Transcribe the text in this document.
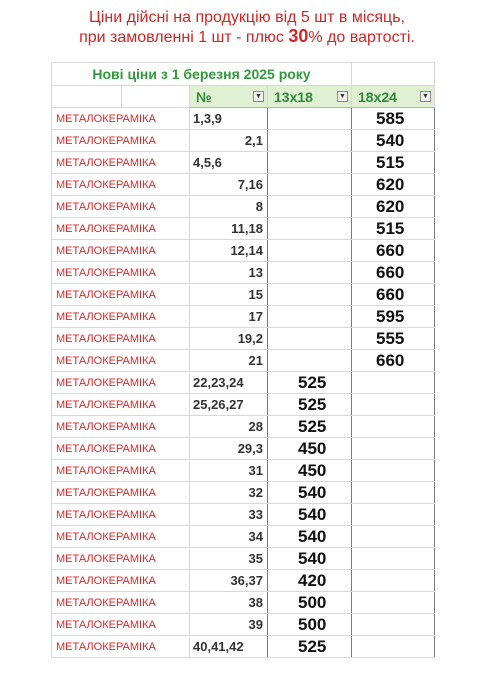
Ціни дійсні на продукцію від 5 шт в місяць,
при замовленні 1 шт - плюс 30% до вартості.
Нові ціни з 1 березня 2025 року				
		№ ▼	13x18 ▼	18x24 ▼

МЕТАЛОКЕРАМІКА		1,3,9		585
МЕТАЛОКЕРАМІКА		2,1		540
МЕТАЛОКЕРАМІКА		4,5,6		515
МЕТАЛОКЕРАМІКА		7,16		620
МЕТАЛОКЕРАМІКА		8		620
МЕТАЛОКЕРАМІКА		11,18		515
МЕТАЛОКЕРАМІКА		12,14		660
МЕТАЛОКЕРАМІКА		13		660
МЕТАЛОКЕРАМІКА		15		660
МЕТАЛОКЕРАМІКА		17		595
МЕТАЛОКЕРАМІКА		19,2		555
МЕТАЛОКЕРАМІКА		21		660
МЕТАЛОКЕРАМІКА		22,23,24	525	
МЕТАЛОКЕРАМІКА		25,26,27	525	
МЕТАЛОКЕРАМІКА		28	525	
МЕТАЛОКЕРАМІКА		29,3	450	
МЕТАЛОКЕРАМІКА		31	450	
МЕТАЛОКЕРАМІКА		32	540	
МЕТАЛОКЕРАМІКА		33	540	
МЕТАЛОКЕРАМІКА		34	540	
МЕТАЛОКЕРАМІКА		35	540	
МЕТАЛОКЕРАМІКА		36,37	420	
МЕТАЛОКЕРАМІКА		38	500	
МЕТАЛОКЕРАМІКА		39	500	
МЕТАЛОКЕРАМІКА		40,41,42	525	
